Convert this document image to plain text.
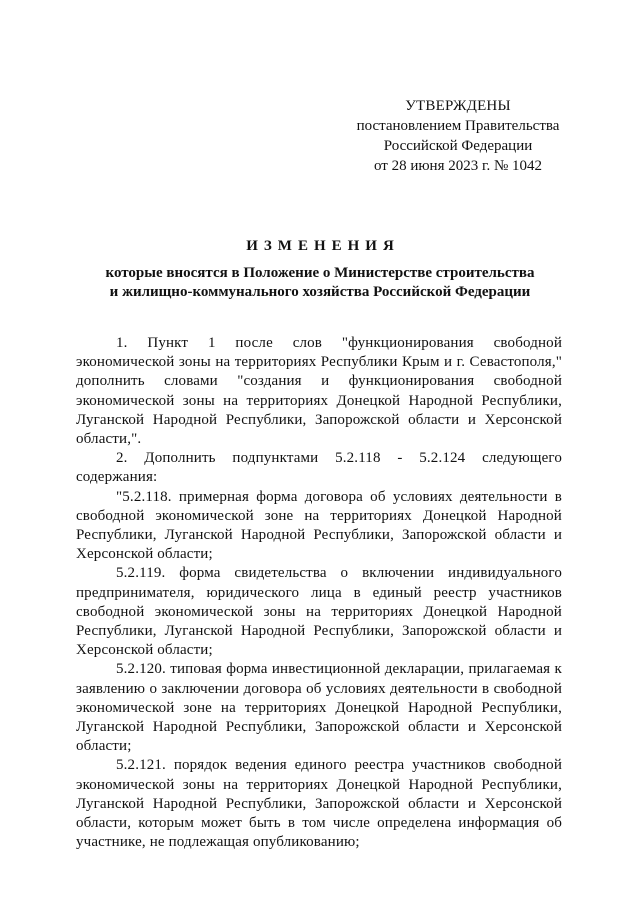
УТВЕРЖДЕНЫ
постановлением Правительства
Российской Федерации
от 28 июня 2023 г. № 1042
ИЗМЕНЕНИЯ
которые вносятся в Положение о Министерстве строительства
и жилищно-коммунального хозяйства Российской Федерации

1. Пункт 1 после слов "функционирования свободной экономической зоны на территориях Республики Крым и г. Севастополя," дополнить словами "создания и функционирования свободной экономической зоны на территориях Донецкой Народной Республики, Луганской Народной Республики, Запорожской области и Херсонской области,".

2. Дополнить подпунктами 5.2.118 - 5.2.124 следующего содержания:

"5.2.118. примерная форма договора об условиях деятельности в свободной экономической зоне на территориях Донецкой Народной Республики, Луганской Народной Республики, Запорожской области и Херсонской области;

5.2.119. форма свидетельства о включении индивидуального предпринимателя, юридического лица в единый реестр участников свободной экономической зоны на территориях Донецкой Народной Республики, Луганской Народной Республики, Запорожской области и Херсонской области;

5.2.120. типовая форма инвестиционной декларации, прилагаемая к заявлению о заключении договора об условиях деятельности в свободной экономической зоне на территориях Донецкой Народной Республики, Луганской Народной Республики, Запорожской области и Херсонской области;

5.2.121. порядок ведения единого реестра участников свободной экономической зоны на территориях Донецкой Народной Республики, Луганской Народной Республики, Запорожской области и Херсонской области, которым может быть в том числе определена информация об участнике, не подлежащая опубликованию;
